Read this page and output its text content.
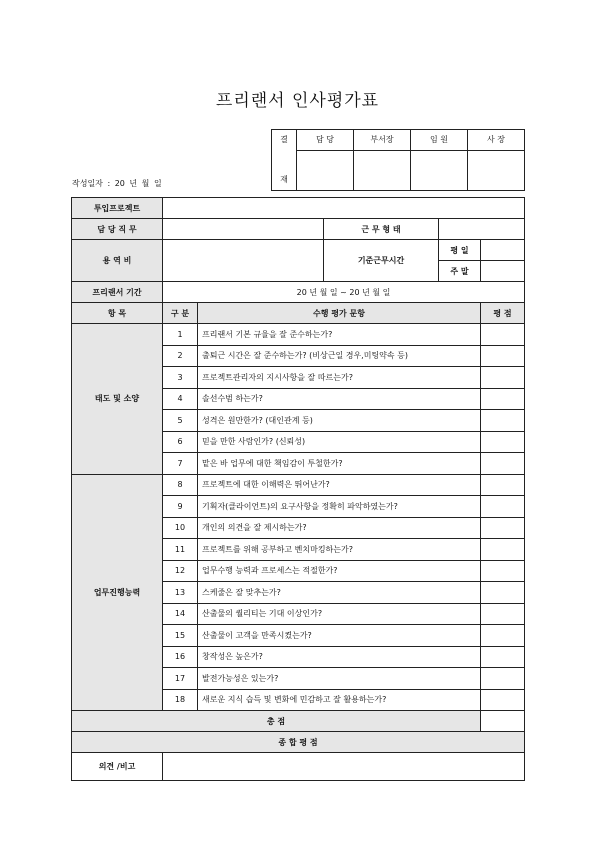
프리랜서 인사평가표
결

재	담 당	부서장	임 원	사 장

작성일자 : 20 년 월 일
투입프로젝트					
담 당 직 무			근 무 형 태		
용 역 비			기준근무시간	평 일	
				주 말	
프리랜서 기간	20 년 월 일 ~ 20 년 월 일				
항 목	구 분	수행 평가 문항			평 점
태도 및 소양	1	프리랜서 기본 규율을 잘 준수하는가?			
	2	출퇴근 시간은 잘 준수하는가? (비상근일 경우,미팅약속 등)			
	3	프로젝트관리자의 지시사항을 잘 따르는가?			
	4	솔선수범 하는가?			
	5	성격은 원만한가? (대인관계 등)			
	6	믿을 만한 사람인가? (신뢰성)			
	7	맡은 바 업무에 대한 책임감이 투철한가?			
업무진행능력	8	프로젝트에 대한 이해력은 뛰어난가?			
	9	기획자(클라이언트)의 요구사항을 정확히 파악하였는가?			
	10	개인의 의견을 잘 제시하는가?			
	11	프로젝트를 위해 공부하고 벤치마킹하는가?			
	12	업무수행 능력과 프로세스는 적절한가?			
	13	스케줄은 잘 맞추는가?			
	14	산출물의 퀄리티는 기대 이상인가?			
	15	산출물이 고객을 만족시켰는가?			
	16	창작성은 높은가?			
	17	발전가능성은 있는가?			
	18	새로운 지식 습득 및 변화에 민감하고 잘 활용하는가?			
총 점					
종 합 평 점					
의견 /비고					
